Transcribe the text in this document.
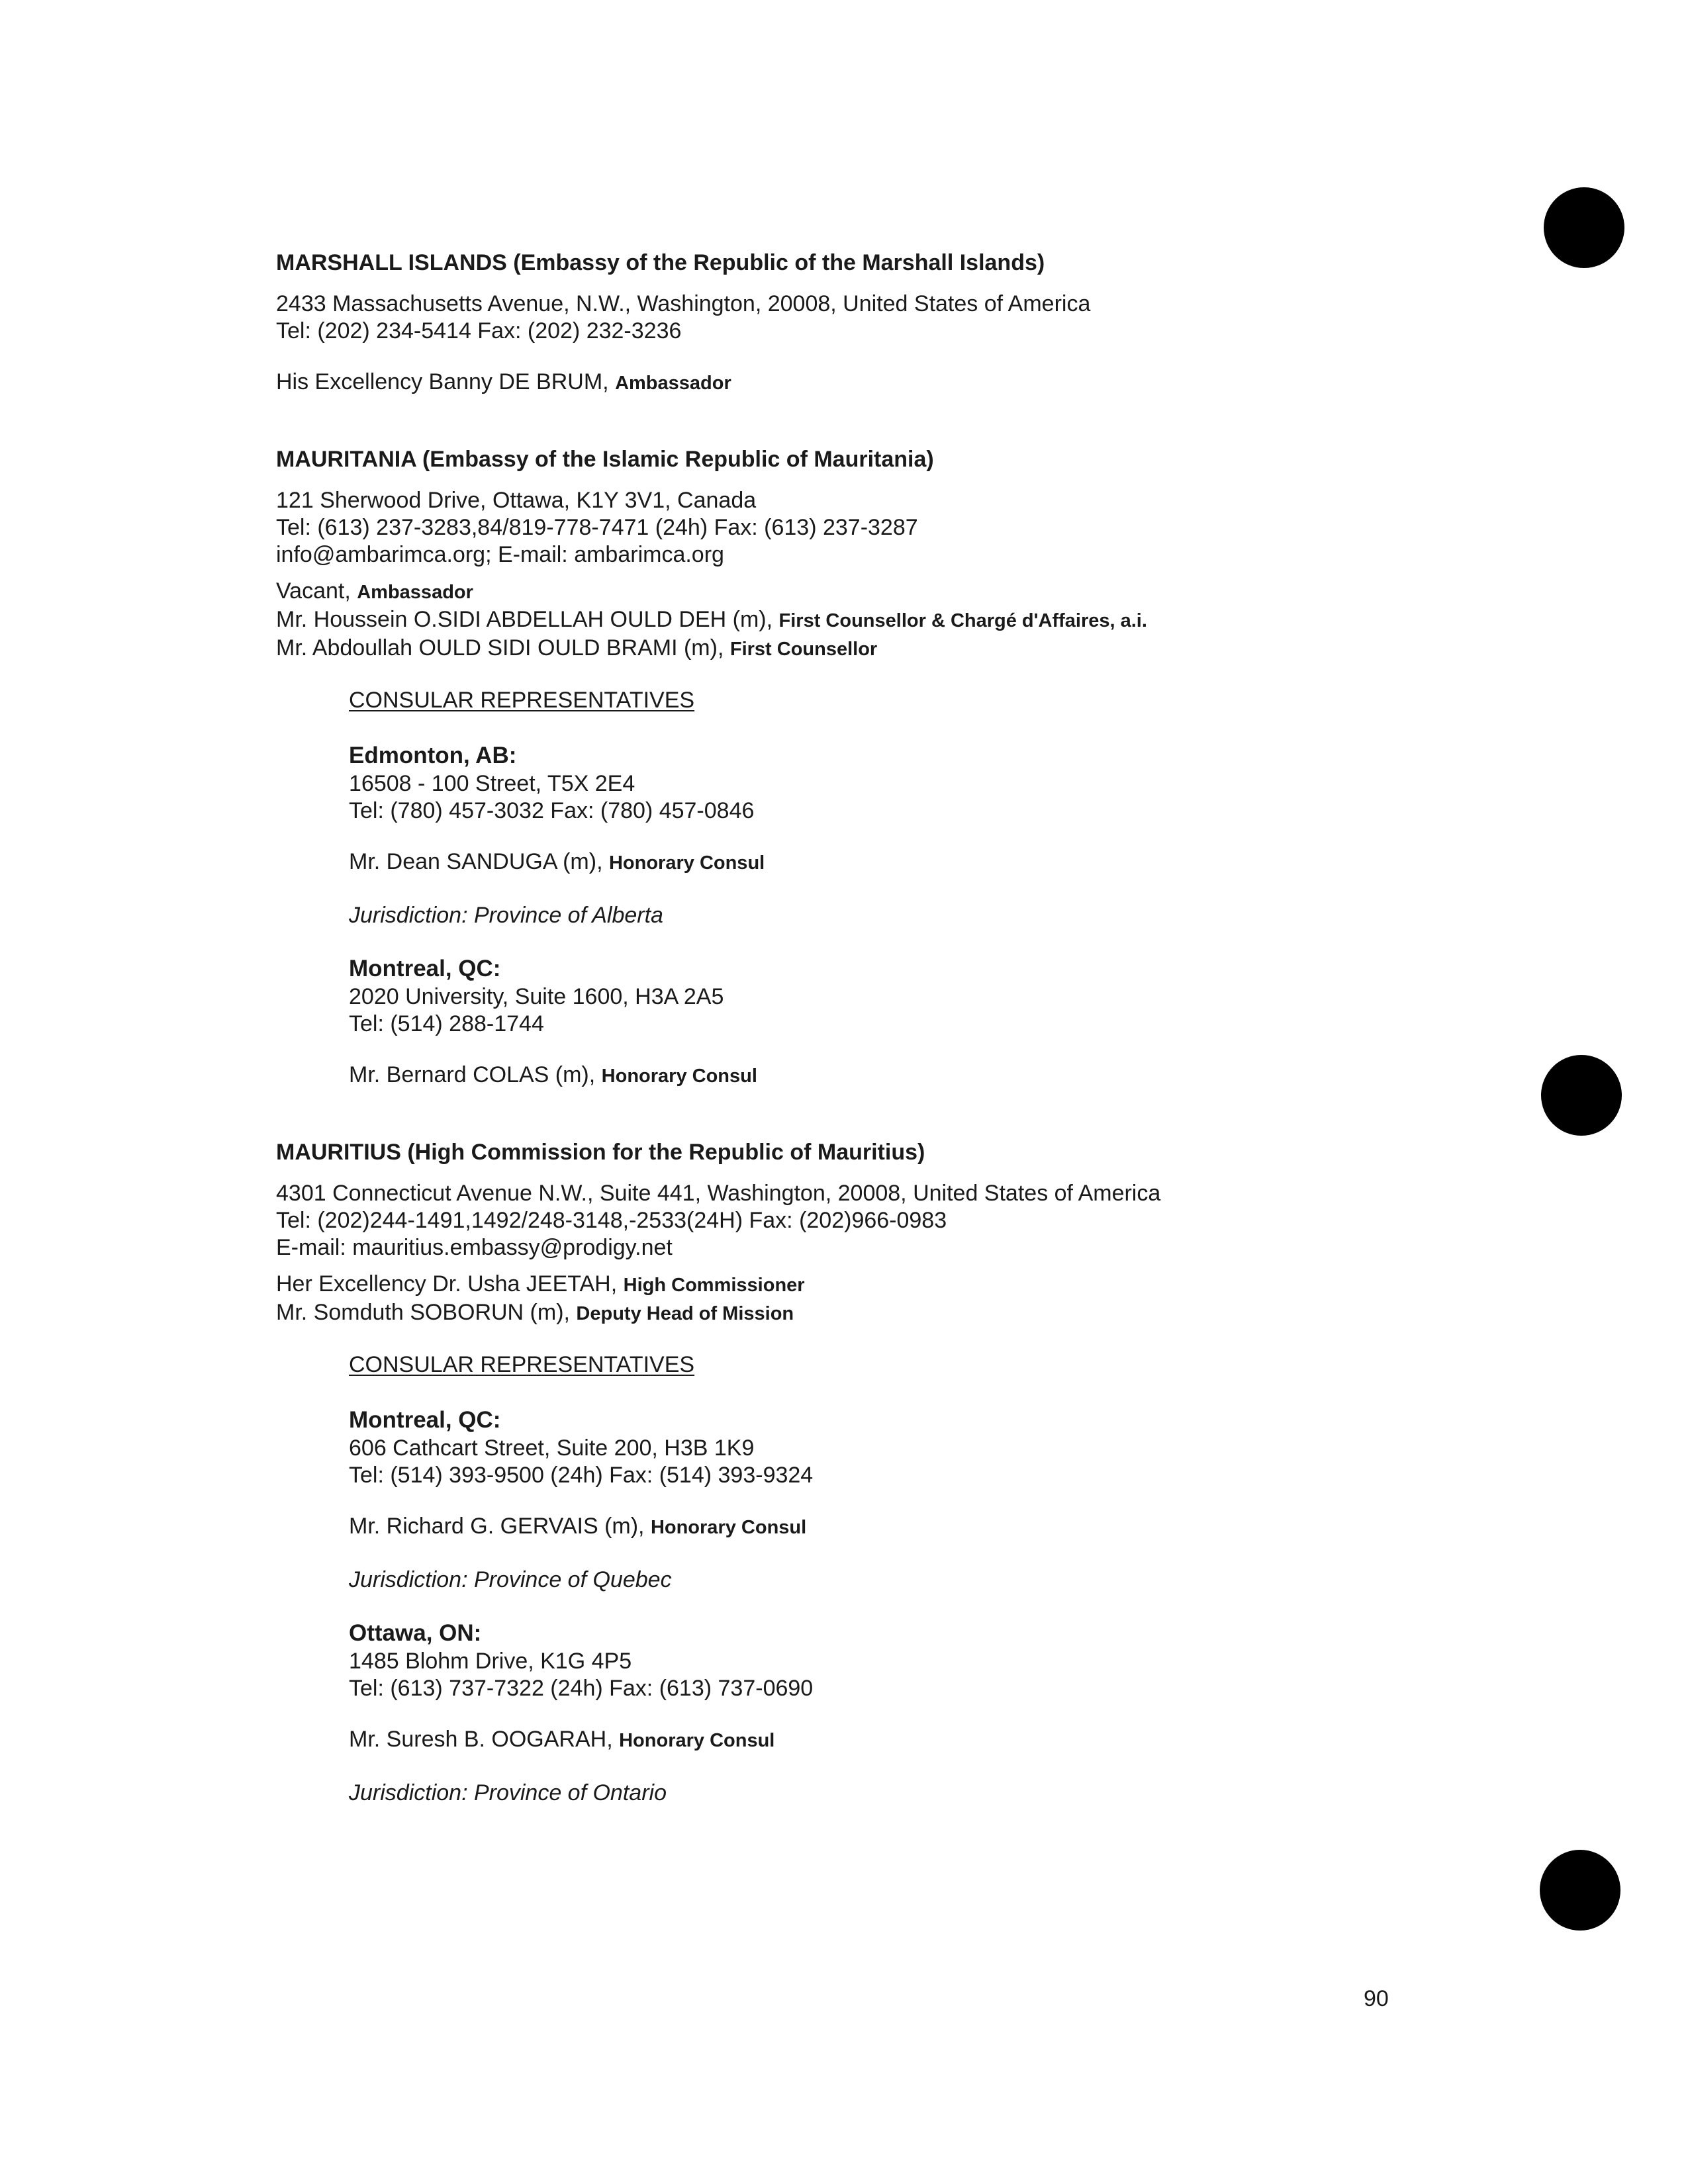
MARSHALL ISLANDS (Embassy of the Republic of the Marshall Islands)

2433 Massachusetts Avenue, N.W., Washington, 20008, United States of America

Tel: (202) 234-5414 Fax: (202) 232-3236

His Excellency Banny DE BRUM, Ambassador

MAURITANIA (Embassy of the Islamic Republic of Mauritania)

121 Sherwood Drive, Ottawa, K1Y 3V1, Canada

Tel: (613) 237-3283,84/819-778-7471 (24h) Fax: (613) 237-3287

info@ambarimca.org; E-mail: ambarimca.org

Vacant, Ambassador

Mr. Houssein O.SIDI ABDELLAH OULD DEH (m), First Counsellor & Chargé d'Affaires, a.i.

Mr. Abdoullah OULD SIDI OULD BRAMI (m), First Counsellor

CONSULAR REPRESENTATIVES

Edmonton, AB:

16508 - 100 Street, T5X 2E4

Tel: (780) 457-3032 Fax: (780) 457-0846

Mr. Dean SANDUGA (m), Honorary Consul

Jurisdiction: Province of Alberta

Montreal, QC:

2020 University, Suite 1600, H3A 2A5

Tel: (514) 288-1744

Mr. Bernard COLAS (m), Honorary Consul

MAURITIUS (High Commission for the Republic of Mauritius)

4301 Connecticut Avenue N.W., Suite 441, Washington, 20008, United States of America

Tel: (202)244-1491,1492/248-3148,-2533(24H) Fax: (202)966-0983

E-mail: mauritius.embassy@prodigy.net

Her Excellency Dr. Usha JEETAH, High Commissioner

Mr. Somduth SOBORUN (m), Deputy Head of Mission

CONSULAR REPRESENTATIVES

Montreal, QC:

606 Cathcart Street, Suite 200, H3B 1K9

Tel: (514) 393-9500 (24h) Fax: (514) 393-9324

Mr. Richard G. GERVAIS (m), Honorary Consul

Jurisdiction: Province of Quebec

Ottawa, ON:

1485 Blohm Drive, K1G 4P5

Tel: (613) 737-7322 (24h) Fax: (613) 737-0690

Mr. Suresh B. OOGARAH, Honorary Consul

Jurisdiction: Province of Ontario

90
